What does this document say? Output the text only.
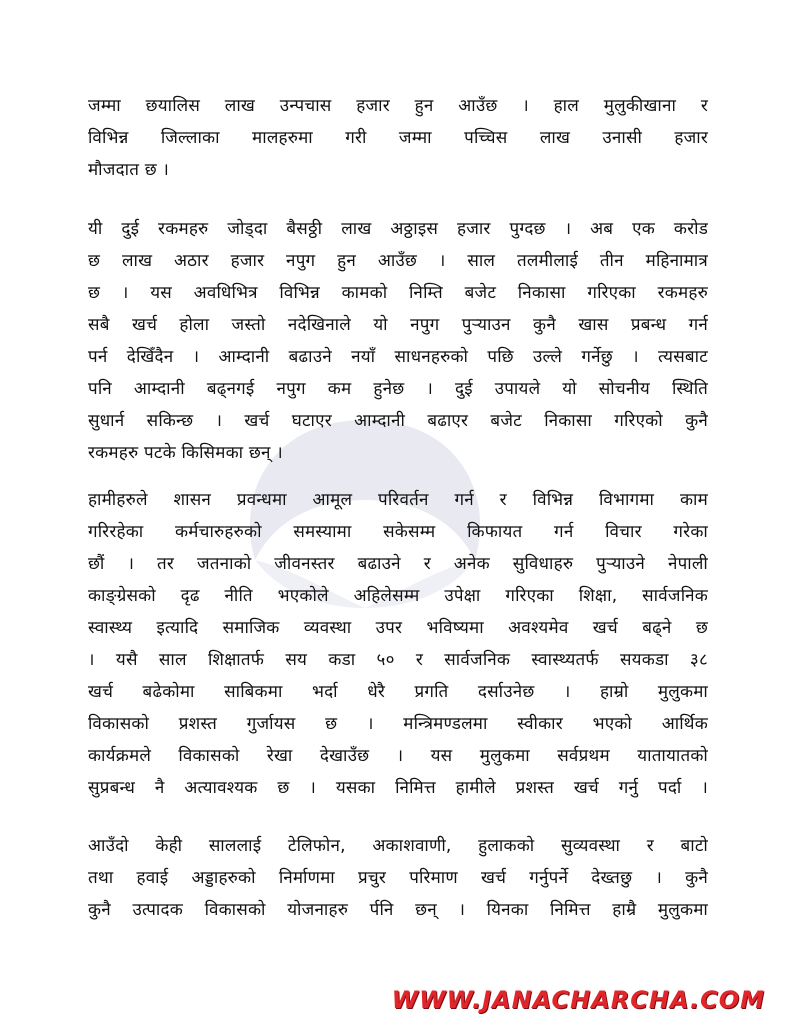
जम्मा छयालिस लाख उन्पचास हजार हुन आउँछ । हाल मुलुकीखाना र
विभिन्न जिल्लाका मालहरुमा गरी जम्मा पच्चिस लाख उनासी हजार
मौजदात छ ।
यी दुई रकमहरु जोड्दा बैसठ्ठी लाख अठ्ठाइस हजार पुग्दछ । अब एक करोड
छ लाख अठार हजार नपुग हुन आउँछ । साल तलमीलाई तीन महिनामात्र
छ । यस अवधिभित्र विभिन्न कामको निम्ति बजेट निकासा गरिएका रकमहरु
सबै खर्च होला जस्तो नदेखिनाले यो नपुग पुऱ्याउन कुनै खास प्रबन्ध गर्न
पर्न देखिँदैन । आम्दानी बढाउने नयाँ साधनहरुको पछि उल्ले गर्नेछु । त्यसबाट
पनि आम्दानी बढ्नगई नपुग कम हुनेछ । दुई उपायले यो सोचनीय स्थिति
सुधार्न सकिन्छ । खर्च घटाएर आम्दानी बढाएर बजेट निकासा गरिएको कुनै
रकमहरु पटके किसिमका छन् ।
हामीहरुले शासन प्रवन्धमा आमूल परिवर्तन गर्न र विभिन्न विभागमा काम
गरिरहेका कर्मचारुहरुको समस्यामा सकेसम्म किफायत गर्न विचार गरेका
छौं । तर जतनाको जीवनस्तर बढाउने र अनेक सुविधाहरु पुऱ्याउने नेपाली
काङ्ग्रेसको दृढ नीति भएकोले अहिलेसम्म उपेक्षा गरिएका शिक्षा, सार्वजनिक
स्वास्थ्य इत्यादि समाजिक व्यवस्था उपर भविष्यमा अवश्यमेव खर्च बढ्ने छ
। यसै साल शिक्षातर्फ सय कडा ५० र सार्वजनिक स्वास्थ्यतर्फ सयकडा ३८
खर्च बढेकोमा साबिकमा भर्दा धेरै प्रगति दर्साउनेछ । हाम्रो मुलुकमा
विकासको प्रशस्त गुर्जायस छ । मन्त्रिमण्डलमा स्वीकार भएको आर्थिक
कार्यक्रमले विकासको रेखा देखाउँछ । यस मुलुकमा सर्वप्रथम यातायातको
सुप्रबन्ध नै अत्यावश्यक छ । यसका निमित्त हामीले प्रशस्त खर्च गर्नु पर्दा ।
आउँदो केही साललाई टेलिफोन, अकाशवाणी, हुलाकको सुव्यवस्था र बाटो
तथा हवाई अड्डाहरुको निर्माणमा प्रचुर परिमाण खर्च गर्नुपर्ने देख्तछु । कुनै
कुनै उत्पादक विकासको योजनाहरु र्पनि छन् । यिनका निमित्त हाम्रै मुलुकमा
WWW.JANACHARCHA.COM
